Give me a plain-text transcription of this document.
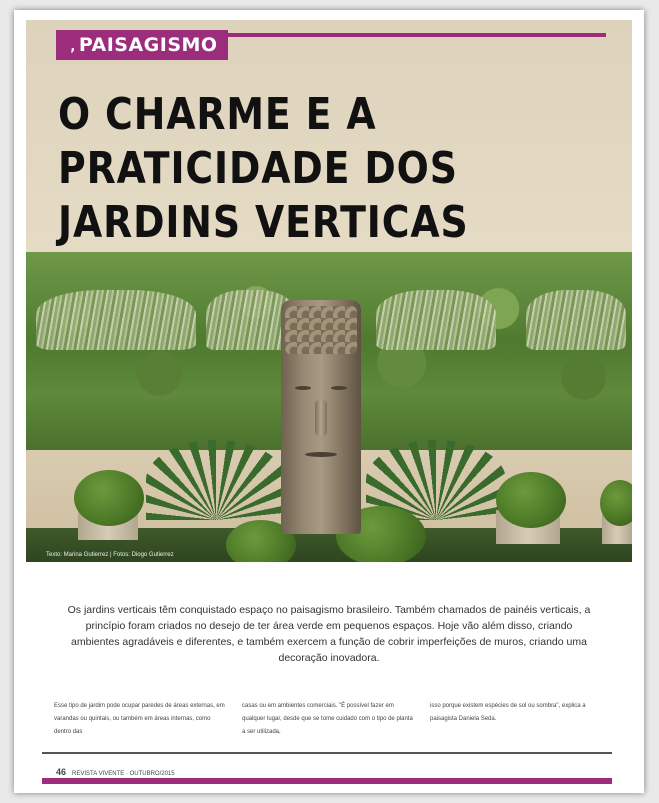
‚ PAISAGISMO
O CHARME E A
PRATICIDADE DOS
JARDINS VERTICAS
Texto: Marina Gutierrez | Fotos: Diogo Gutierrez

Os jardins verticais têm conquistado espaço no paisagismo brasileiro. Também chamados de painéis verticais, a princípio foram criados no desejo de ter área verde em pequenos espaços. Hoje vão além disso, criando ambientes agradáveis e diferentes, e também exercem a função de cobrir imperfeições de muros, criando uma decoração inovadora.

Esse tipo de jardim pode ocupar paredes de áreas externas, em varandas ou quintais, ou também em áreas internas, como dentro das

casas ou em ambientes comerciais. "É possível fazer em qualquer lugar, desde que se tome cuidado com o tipo de planta a ser utilizada,

isso porque existem espécies de sol ou sombra", explica a paisagista Daniela Seda.

46 REVISTA VIVENTE · OUTUBRO/2015
